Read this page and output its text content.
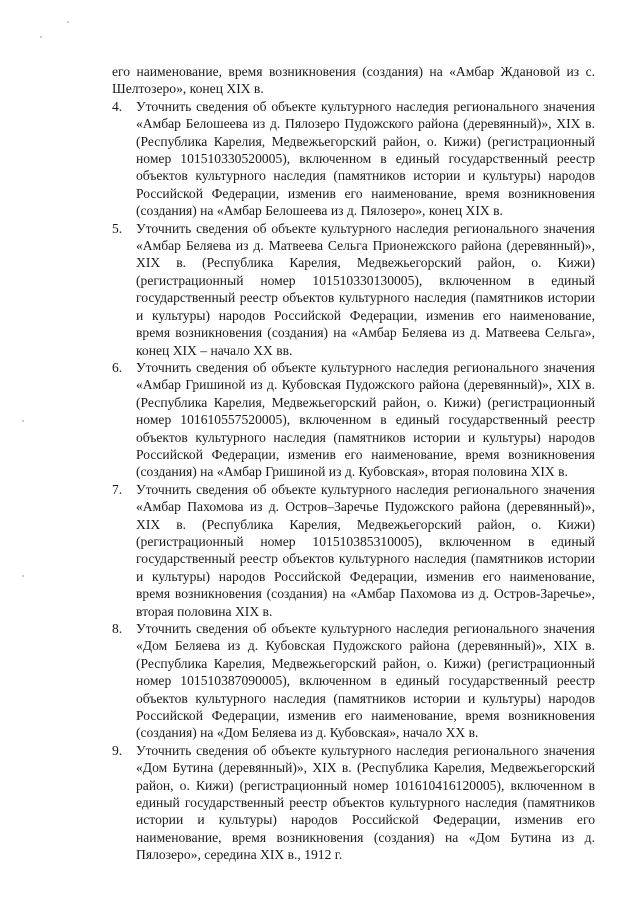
его наименование, время возникновения (создания) на «Амбар Ждановой из с. Шелтозеро», конец XIX в.

4.	Уточнить сведения об объекте культурного наследия регионального значения «Амбар Белошеева из д. Пялозеро Пудожского района (деревянный)», XIX в. (Республика Карелия, Медвежьегорский район, о. Кижи) (регистрационный номер 101510330520005), включенном в единый государственный реестр объектов культурного наследия (памятников истории и культуры) народов Российской Федерации, изменив его наименование, время возникновения (создания) на «Амбар Белошеева из д. Пялозеро», конец XIX в.
5.	Уточнить сведения об объекте культурного наследия регионального значения «Амбар Беляева из д. Матвеева Сельга Прионежского района (деревянный)», XIX в. (Республика Карелия, Медвежьегорский район, о. Кижи) (регистрационный номер 101510330130005), включенном в единый государственный реестр объектов культурного наследия (памятников истории и культуры) народов Российской Федерации, изменив его наименование, время возникновения (создания) на «Амбар Беляева из д. Матвеева Сельга», конец XIX – начало XX вв.
6.	Уточнить сведения об объекте культурного наследия регионального значения «Амбар Гришиной из д. Кубовская Пудожского района (деревянный)», XIX в. (Республика Карелия, Медвежьегорский район, о. Кижи) (регистрационный номер 101610557520005), включенном в единый государственный реестр объектов культурного наследия (памятников истории и культуры) народов Российской Федерации, изменив его наименование, время возникновения (создания) на «Амбар Гришиной из д. Кубовская», вторая половина XIX в.
7.	Уточнить сведения об объекте культурного наследия регионального значения «Амбар Пахомова из д. Остров–Заречье Пудожского района (деревянный)», XIX в. (Республика Карелия, Медвежьегорский район, о. Кижи) (регистрационный номер 101510385310005), включенном в единый государственный реестр объектов культурного наследия (памятников истории и культуры) народов Российской Федерации, изменив его наименование, время возникновения (создания) на «Амбар Пахомова из д. Остров-Заречье», вторая половина XIX в.
8.	Уточнить сведения об объекте культурного наследия регионального значения «Дом Беляева из д. Кубовская Пудожского района (деревянный)», XIX в. (Республика Карелия, Медвежьегорский район, о. Кижи) (регистрационный номер 101510387090005), включенном в единый государственный реестр объектов культурного наследия (памятников истории и культуры) народов Российской Федерации, изменив его наименование, время возникновения (создания) на «Дом Беляева из д. Кубовская», начало XX в.
9.	Уточнить сведения об объекте культурного наследия регионального значения «Дом Бутина (деревянный)», XIX в. (Республика Карелия, Медвежьегорский район, о. Кижи) (регистрационный номер 101610416120005), включенном в единый государственный реестр объектов культурного наследия (памятников истории и культуры) народов Российской Федерации, изменив его наименование, время возникновения (создания) на «Дом Бутина из д. Пялозеро», середина XIX в., 1912 г.
